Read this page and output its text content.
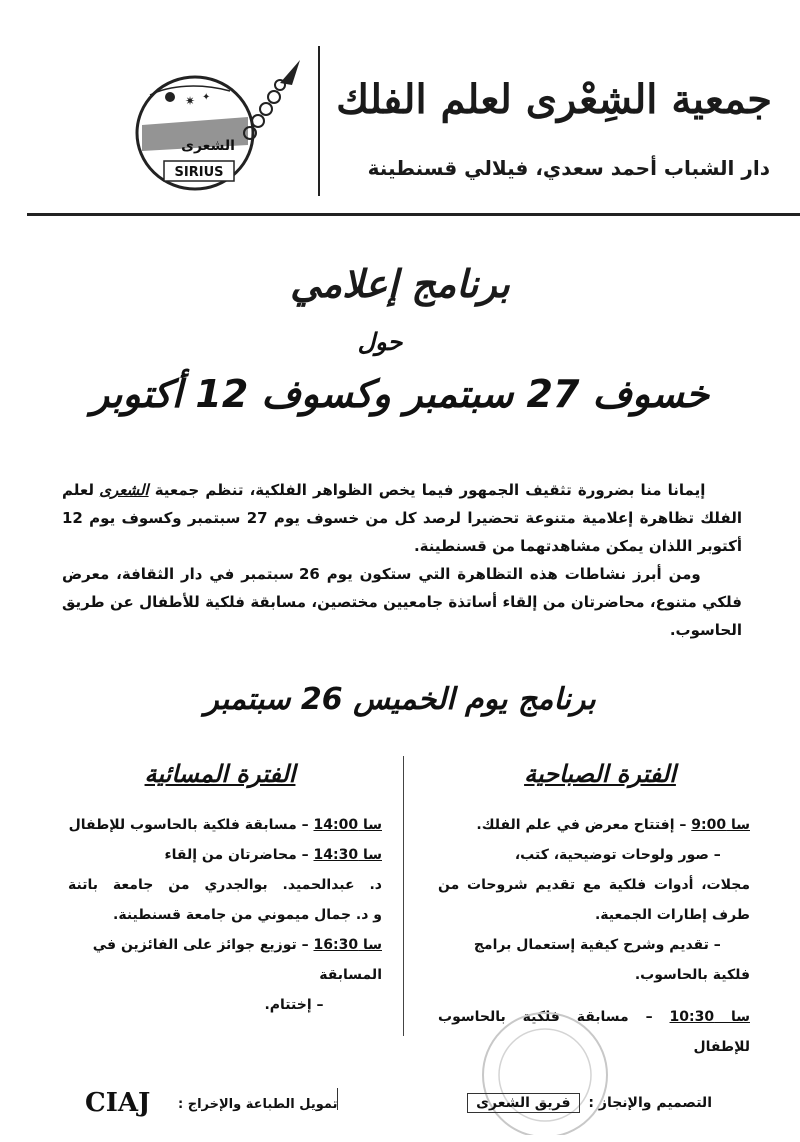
جمعية الشِعْرى لعلم الفلك
دار الشباب أحمد سعدي، فيلالي قسنطينة
✷ ✦
الشعرى
SIRIUS
برنامج إعلامي
حول
خسوف 27 سبتمبر وكسوف 12 أكتوبر

إيمانا منا بضرورة تثقيف الجمهور فيما يخص الظواهر الفلكية، تنظم جمعية الشعرى لعلم الفلك تظاهرة إعلامية متنوعة تحضيرا لرصد كل من خسوف يوم 27 سبتمبر وكسوف يوم 12 أكتوبر اللذان يمكن مشاهدتهما من قسنطينة.

ومن أبرز نشاطات هذه التظاهرة التي ستكون يوم 26 سبتمبر في دار الثقافة، معرض فلكي متنوع، محاضرتان من إلقاء أساتذة جامعيين مختصين، مسابقة فلكية للأطفال عن طريق الحاسوب.

برنامج يوم الخميس 26 سبتمبر
الفترة الصباحية
الفترة المسائية
سا 9:00 – إفتتاح معرض في علم الفلك.
– صور ولوحات توضيحية، كتب،
مجلات، أدوات فلكية مع تقديم شروحات من
طرف إطارات الجمعية.
– تقديم وشرح كيفية إستعمال برامج
فلكية بالحاسوب.
سا 10:30 – مسابقة فلكية بالحاسوب للإطفال
سا 14:00 – مسابقة فلكية بالحاسوب للإطفال
سا 14:30 – محاضرتان من إلقاء
د. عبدالحميد. بوالجدري من جامعة باتنة
و د. جمال ميموني من جامعة قسنطينة.
سا 16:30 – توزيع جوائز على الفائزين في
المسابقة
– إختتام.
التصميم والإنجاز : فريق الشعرى
تمويل الطباعة والإخراج :
CIAJ
